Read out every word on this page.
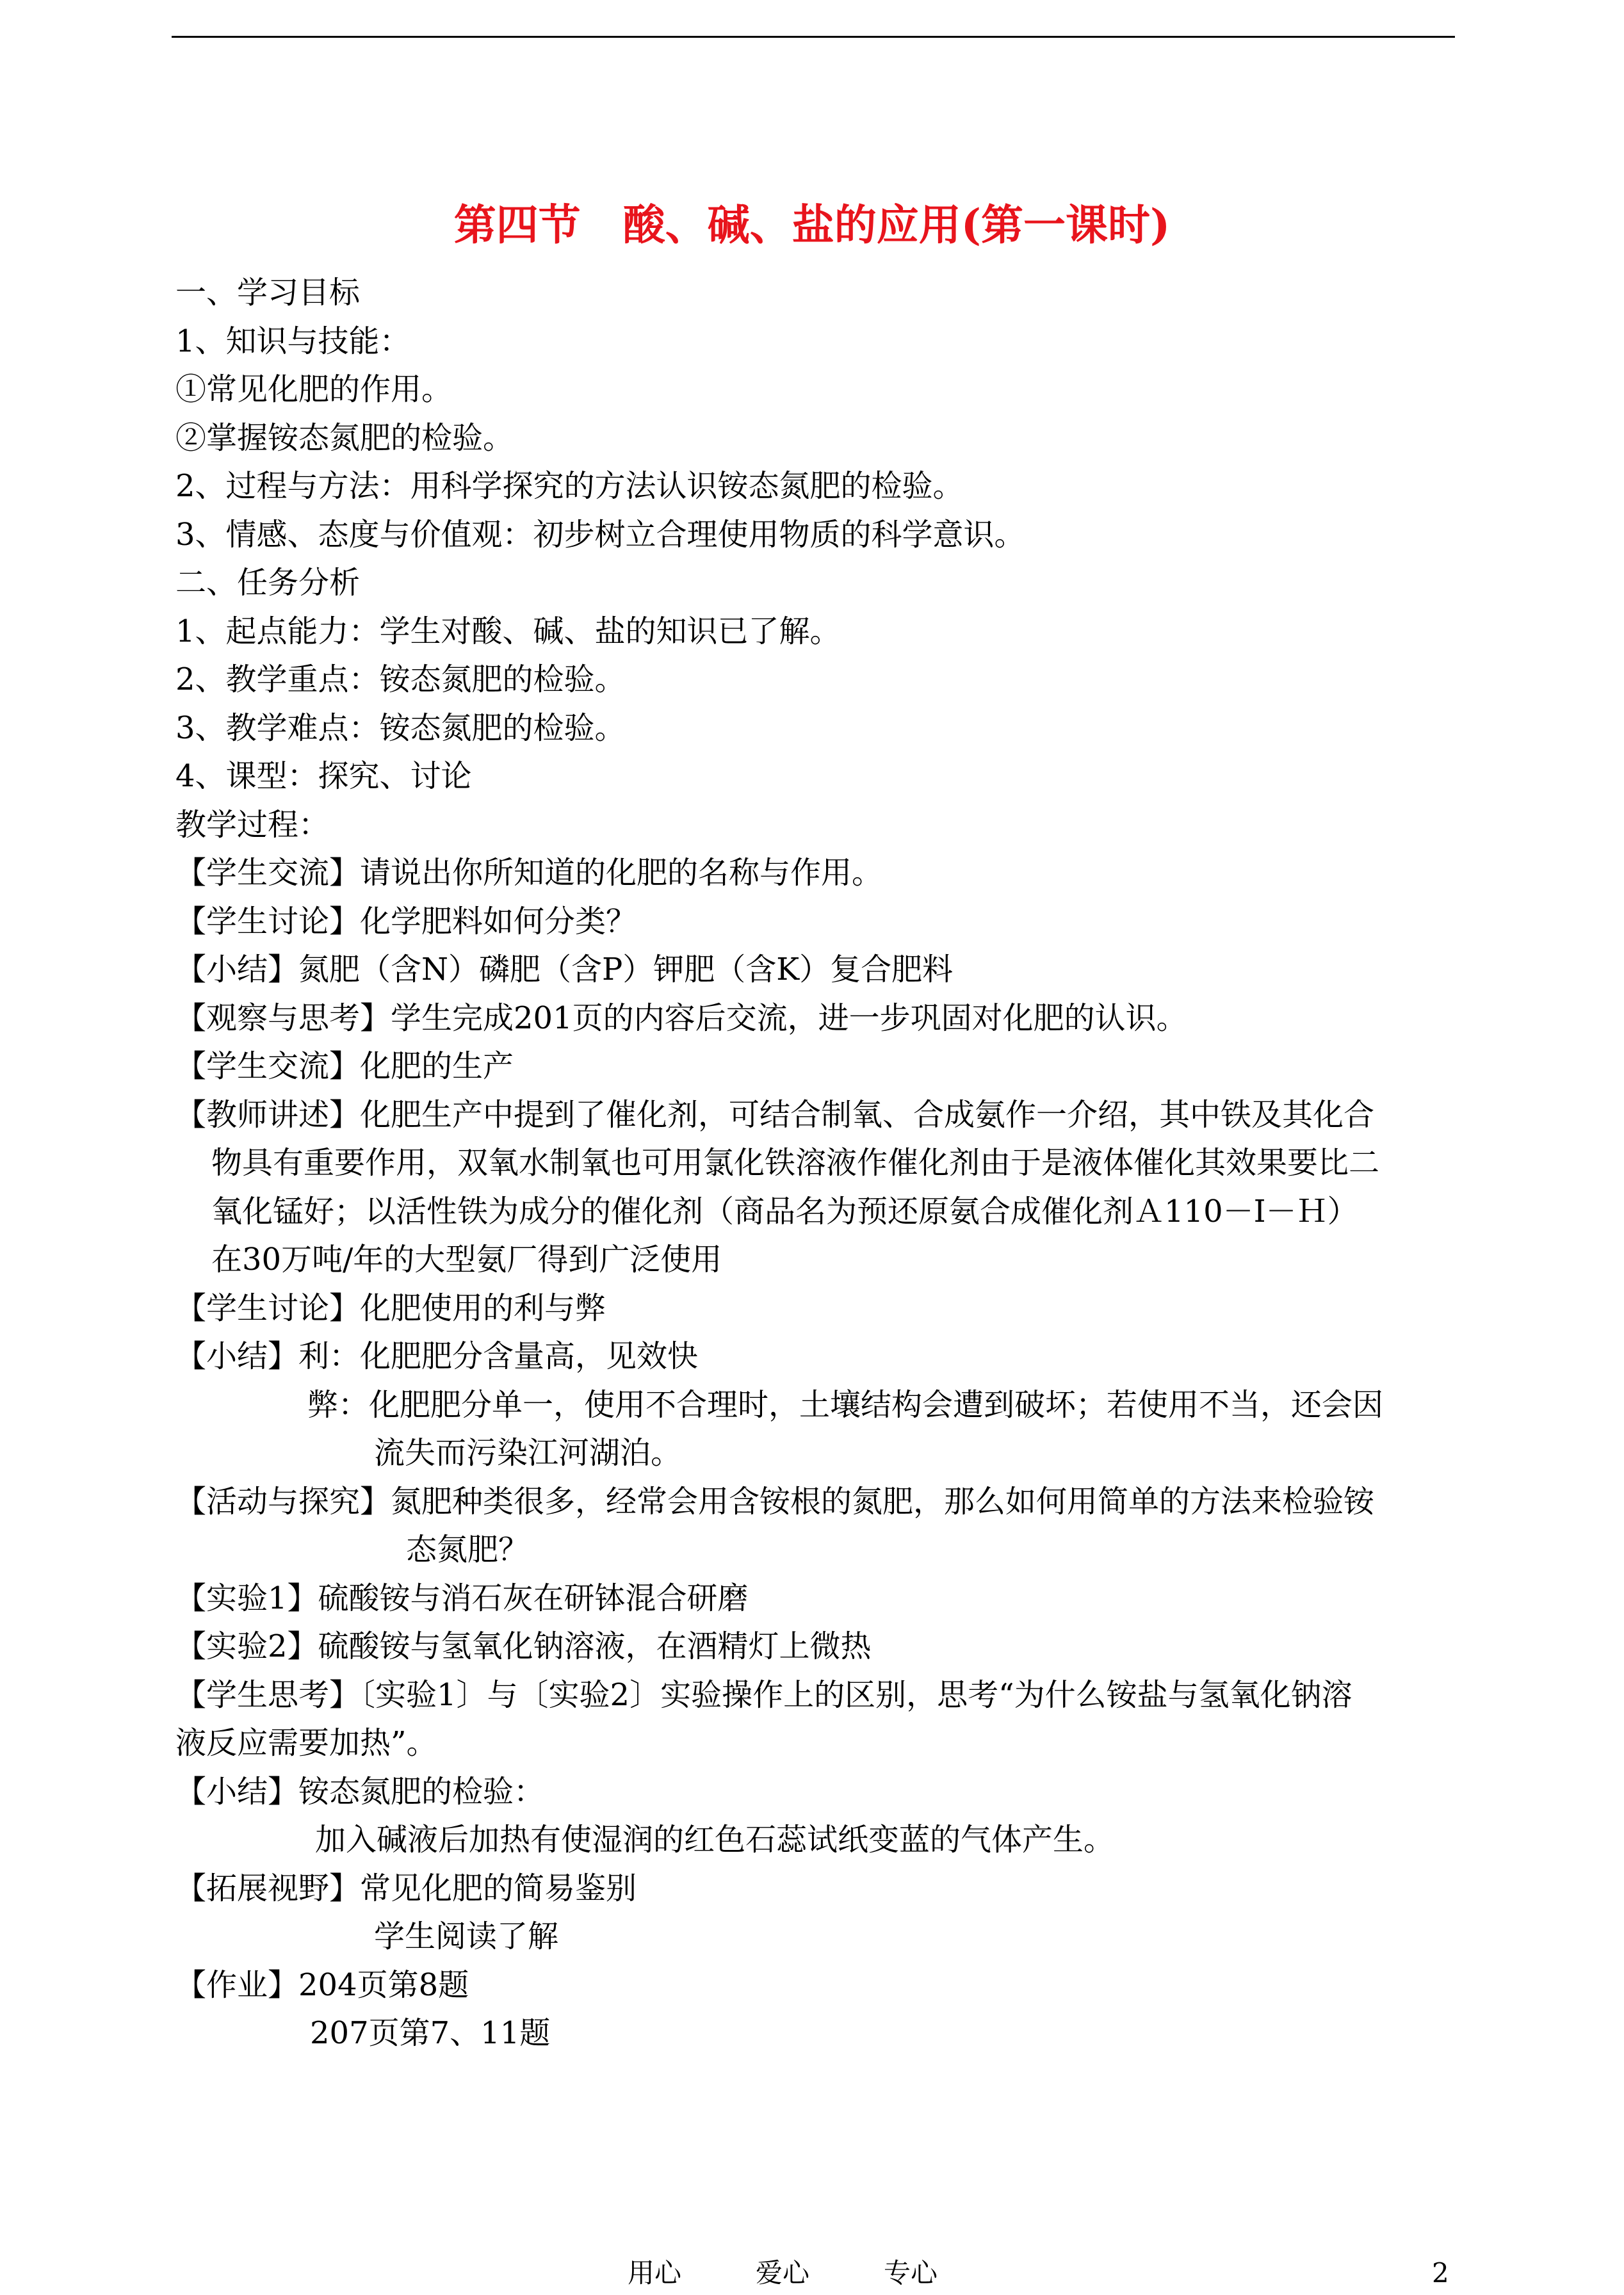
第四节　酸、碱、盐的应用(第一课时)
一、学习目标
1、知识与技能：
①常见化肥的作用。
②掌握铵态氮肥的检验。
2、过程与方法：用科学探究的方法认识铵态氮肥的检验。
3、情感、态度与价值观：初步树立合理使用物质的科学意识。
二、任务分析
1、起点能力：学生对酸、碱、盐的知识已了解。
2、教学重点：铵态氮肥的检验。
3、教学难点：铵态氮肥的检验。
4、课型：探究、讨论
教学过程：
【学生交流】请说出你所知道的化肥的名称与作用。
【学生讨论】化学肥料如何分类？
【小结】氮肥（含N）磷肥（含P）钾肥（含K）复合肥料
【观察与思考】学生完成201页的内容后交流，进一步巩固对化肥的认识。
【学生交流】化肥的生产
【教师讲述】化肥生产中提到了催化剂，可结合制氧、合成氨作一介绍，其中铁及其化合
物具有重要作用，双氧水制氧也可用氯化铁溶液作催化剂由于是液体催化其效果要比二
氧化锰好；以活性铁为成分的催化剂（商品名为预还原氨合成催化剂Ａ110－Ⅰ－Ｈ）
在30万吨/年的大型氨厂得到广泛使用
【学生讨论】化肥使用的利与弊
【小结】利：化肥肥分含量高，见效快
弊：化肥肥分单一，使用不合理时，土壤结构会遭到破坏；若使用不当，还会因
流失而污染江河湖泊。
【活动与探究】氮肥种类很多，经常会用含铵根的氮肥，那么如何用简单的方法来检验铵
态氮肥？
【实验1】硫酸铵与消石灰在研钵混合研磨
【实验2】硫酸铵与氢氧化钠溶液，在酒精灯上微热
【学生思考】〔实验1〕与〔实验2〕实验操作上的区别，思考“为什么铵盐与氢氧化钠溶
液反应需要加热”。
【小结】铵态氮肥的检验：
加入碱液后加热有使湿润的红色石蕊试纸变蓝的气体产生。
【拓展视野】常见化肥的简易鉴别
学生阅读了解
【作业】204页第8题
207页第7、11题
用心	爱心	专心	2
